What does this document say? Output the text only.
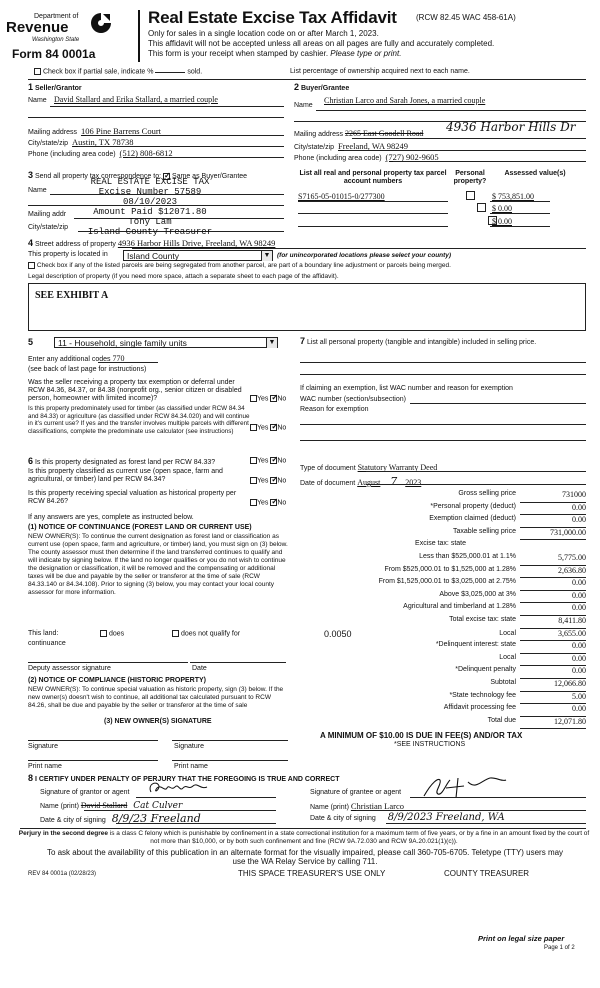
Department of
Revenue
Washington State
Form 84 0001a
Real Estate Excise Tax Affidavit (RCW 82.45 WAC 458-61A)
Only for sales in a single location code on or after March 1, 2023.
This affidavit will not be accepted unless all areas on all pages are fully and accurately completed.
This form is your receipt when stamped by cashier. Please type or print.
Check box if partial sale, indicate %	sold.	List percentage of ownership acquired next to each name.
1 Seller/Grantor
Name David Stallard and Erika Stallard, a married couple
Mailing address 106 Pine Barrens Court
City/state/zip Austin, TX 78738
Phone (including area code) (512) 808-6812
2 Buyer/Grantee
Name
Christian Larco and Sarah Jones, a married couple
Mailing address 2265 East Goodell Road 4936 Harbor Hills Dr
City/state/zip Freeland, WA 98249
Phone (including area code) (727) 902-9605
3 Send all property tax correspondence to: ✓ Same as Buyer/Grantee
Name
Mailing addr
City/state/zip
REAL ESTATE EXCISE TAX
Excise Number 57589
08/10/2023
Amount Paid $12071.80
Tony Lam
Island County Treasurer
List all real and personal property tax parcel account numbers
Personal property?
Assessed value(s)
S7165-05-01015-0/277300
	$ 753,851.00

$ 0.00
$ 0.00
4 Street address of property 4936 Harbor Hills Drive, Freeland, WA 98249
This property is located in	Island County	▼ (for unincorporated locations please select your county)
Check box if any of the listed parcels are being segregated from another parcel, are part of a boundary line adjustment or parcels being merged.
Legal description of property (if you need more space, attach a separate sheet to each page of the affidavit).
SEE EXHIBIT A
5	11 - Household, single family units	▼
Enter any additional codes 770
(see back of last page for instructions)
Was the seller receiving a property tax exemption or deferral under RCW 84.36, 84.37, or 84.38 (nonprofit org., senior citizen or disabled person, homeowner with limited income)?	Yes ✓ No
Is this property predominately used for timber (as classified under RCW 84.34 and 84.33) or agriculture (as classified under RCW 84.34.020) and will continue in it's current use? If yes and the transfer involves multiple parcels with different classifications, complete the predominate use calculator (see instructions)	Yes ✓ No
6 Is this property designated as forest land per RCW 84.33?	Yes ✓ No
Is this property classified as current use (open space, farm and agricultural, or timber) land per RCW 84.34?	Yes ✓ No
Is this property receiving special valuation as historical property per RCW 84.26?	Yes ✓ No
If any answers are yes, complete as instructed below.
(1) NOTICE OF CONTINUANCE (FOREST LAND OR CURRENT USE)
NEW OWNER(S): To continue the current designation as forest land or classification as current use (open space, farm and agriculture, or timber) land, you must sign on (3) below. The county assessor must then determine if the land transferred continues to qualify and will indicate by signing below. If the land no longer qualifies or you do not wish to continue the designation or classification, it will be removed and the compensating or additional taxes will be due and payable by the seller or transferor at the time of sale (RCW 84.33.140 or 84.34.108). Prior to signing (3) below, you may contact your local county assessor for more information.
This land:	does	does not qualify for
continuance
Deputy assessor signature	Date
(2) NOTICE OF COMPLIANCE (HISTORIC PROPERTY)
NEW OWNER(S): To continue special valuation as historic property, sign (3) below. If the new owner(s) doesn't wish to continue, all additional tax calculated pursuant to RCW 84.26, shall be due and payable by the seller or transferor at the time of sale
(3) NEW OWNER(S) SIGNATURE
Signature	Signature
Print name	Print name
7 List all personal property (tangible and intangible) included in selling price.
If claiming an exemption, list WAC number and reason for exemption
WAC number (section/subsection)
Reason for exemption
Type of document Statutory Warranty Deed
Date of document August 7 2023
Gross selling price	731000
*Personal property (deduct)	0.00
Exemption claimed (deduct)	0.00
Taxable selling price	731,000.00
Excise tax: state
Less than $525,000.01 at 1.1%	5,775.00
From $525,000.01 to $1,525,000 at 1.28%	2,636.80
From $1,525,000.01 to $3,025,000 at 2.75%	0.00
Above $3,025,000 at 3%	0.00
Agricultural and timberland at 1.28%	0.00
Total excise tax: state	8,411.80
0.0050	Local	3,655.00
*Delinquent interest: state	0.00
Local	0.00
*Delinquent penalty	0.00
Subtotal	12,066.80
*State technology fee	5.00
Affidavit processing fee	0.00
Total due	12,071.80
A MINIMUM OF $10.00 IS DUE IN FEE(S) AND/OR TAX
*SEE INSTRUCTIONS
8 I CERTIFY UNDER PENALTY OF PERJURY THAT THE FOREGOING IS TRUE AND CORRECT
Signature of grantor or agent
Name (print) David Stallard Cat Culver
Date & city of signing 8/9/23 Freeland
Signature of grantee or agent
Name (print) Christian Larco
Date & city of signing 8/9/2023 Freeland, WA
Perjury in the second degree is a class C felony which is punishable by confinement in a state correctional institution for a maximum term of five years, or by a fine in an amount fixed by the court of not more than $10,000, or by both such confinement and fine (RCW 9A.72.030 and RCW 9A.20.021(1)(c)).
To ask about the availability of this publication in an alternate format for the visually impaired, please call 360-705-6705. Teletype (TTY) users may use the WA Relay Service by calling 711.
REV 84 0001a (02/28/23)	THIS SPACE TREASURER'S USE ONLY	COUNTY TREASURER
Print on legal size paper
Page 1 of 2
